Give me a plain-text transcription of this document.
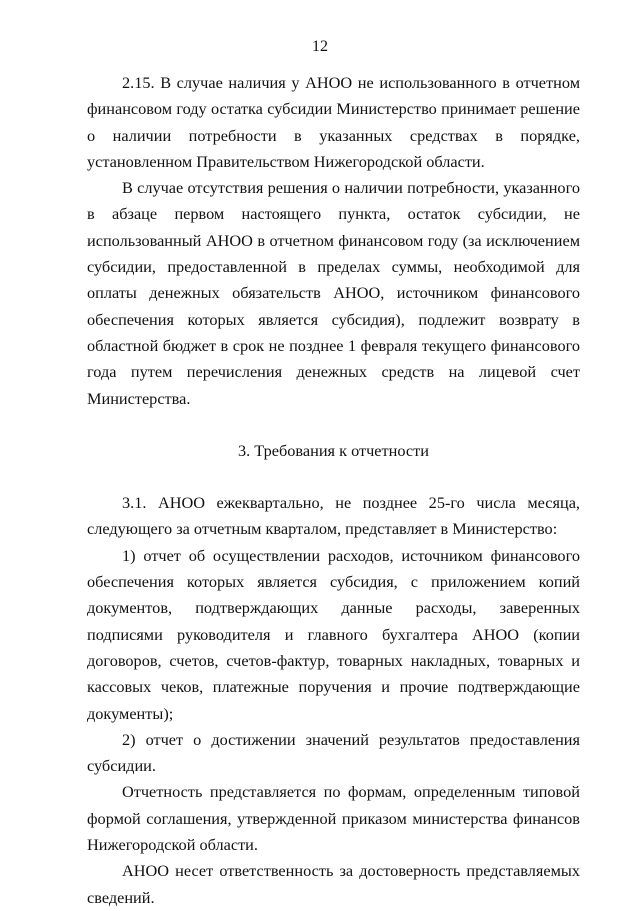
12

2.15. В случае наличия у АНОО не использованного в отчетном финансовом году остатка субсидии Министерство принимает решение о наличии потребности в указанных средствах в порядке, установленном Правительством Нижегородской области.

В случае отсутствия решения о наличии потребности, указанного в абзаце первом настоящего пункта, остаток субсидии, не использованный АНОО в отчетном финансовом году (за исключением субсидии, предоставленной в пределах суммы, необходимой для оплаты денежных обязательств АНОО, источником финансового обеспечения которых является субсидия), подлежит возврату в областной бюджет в срок не позднее 1 февраля текущего финансового года путем перечисления денежных средств на лицевой счет Министерства.

3. Требования к отчетности

3.1. АНОО ежеквартально, не позднее 25-го числа месяца, следующего за отчетным кварталом, представляет в Министерство:

1) отчет об осуществлении расходов, источником финансового обеспечения которых является субсидия, с приложением копий документов, подтверждающих данные расходы, заверенных подписями руководителя и главного бухгалтера АНОО (копии договоров, счетов, счетов-фактур, товарных накладных, товарных и кассовых чеков, платежные поручения и прочие подтверждающие документы);

2) отчет о достижении значений результатов предоставления субсидии.

Отчетность представляется по формам, определенным типовой формой соглашения, утвержденной приказом министерства финансов Нижегородской области.

АНОО несет ответственность за достоверность представляемых сведений.
